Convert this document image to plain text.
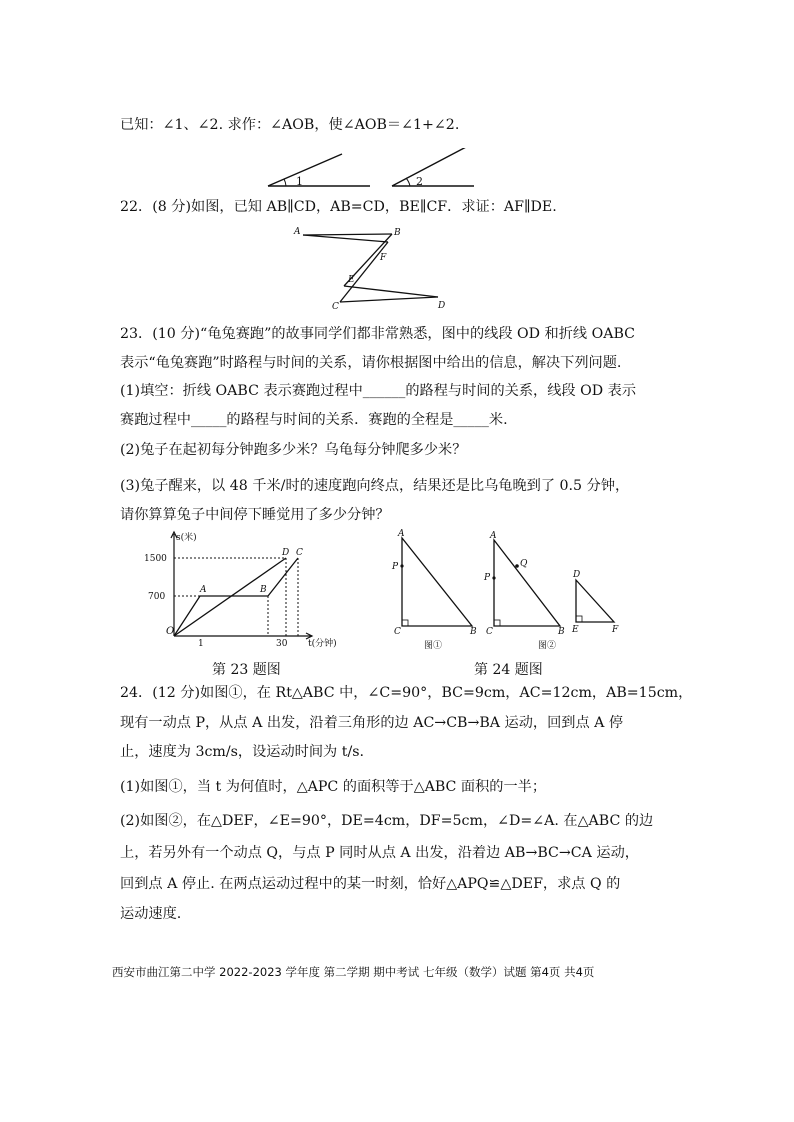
已知：∠1、∠2. 求作：∠AOB，使∠AOB＝∠1+∠2.
1	2
22．(8 分)如图，已知 AB∥CD，AB=CD，BE∥CF．求证：AF∥DE.
A	B
F
E
C	D
23．(10 分)“龟兔赛跑”的故事同学们都非常熟悉，图中的线段 OD 和折线 OABC
表示“龟兔赛跑”时路程与时间的关系，请你根据图中给出的信息，解决下列问题.
(1)填空：折线 OABC 表示赛跑过程中______的路程与时间的关系，线段 OD 表示
赛跑过程中_____的路程与时间的关系．赛跑的全程是_____米.
(2)兔子在起初每分钟跑多少米？乌龟每分钟爬多少米？
(3)兔子醒来，以 48 千米/时的速度跑向终点，结果还是比乌龟晚到了 0.5 分钟，
请你算算兔子中间停下睡觉用了多少分钟？
s(米)
1500
700
1	30 t(分钟)
O
A	B
D C
A
P
C	B
图①
A
Q
P
C	B
图②
D
E	F
第 23 题图	第 24 题图
24．(12 分)如图①，在 Rt△ABC 中，∠C=90°，BC=9cm，AC=12cm，AB=15cm，
现有一动点 P，从点 A 出发，沿着三角形的边 AC→CB→BA 运动，回到点 A 停
止，速度为 3cm/s，设运动时间为 t/s.
(1)如图①，当 t 为何值时，△APC 的面积等于△ABC 面积的一半；
(2)如图②，在△DEF，∠E=90°，DE=4cm，DF=5cm，∠D=∠A. 在△ABC 的边
上，若另外有一个动点 Q，与点 P 同时从点 A 出发，沿着边 AB→BC→CA 运动，
回到点 A 停止. 在两点运动过程中的某一时刻，恰好△APQ≌△DEF，求点 Q 的
运动速度.
西安市曲江第二中学 2022-2023 学年度 第二学期 期中考试 七年级（数学）试题 第4页 共4页
